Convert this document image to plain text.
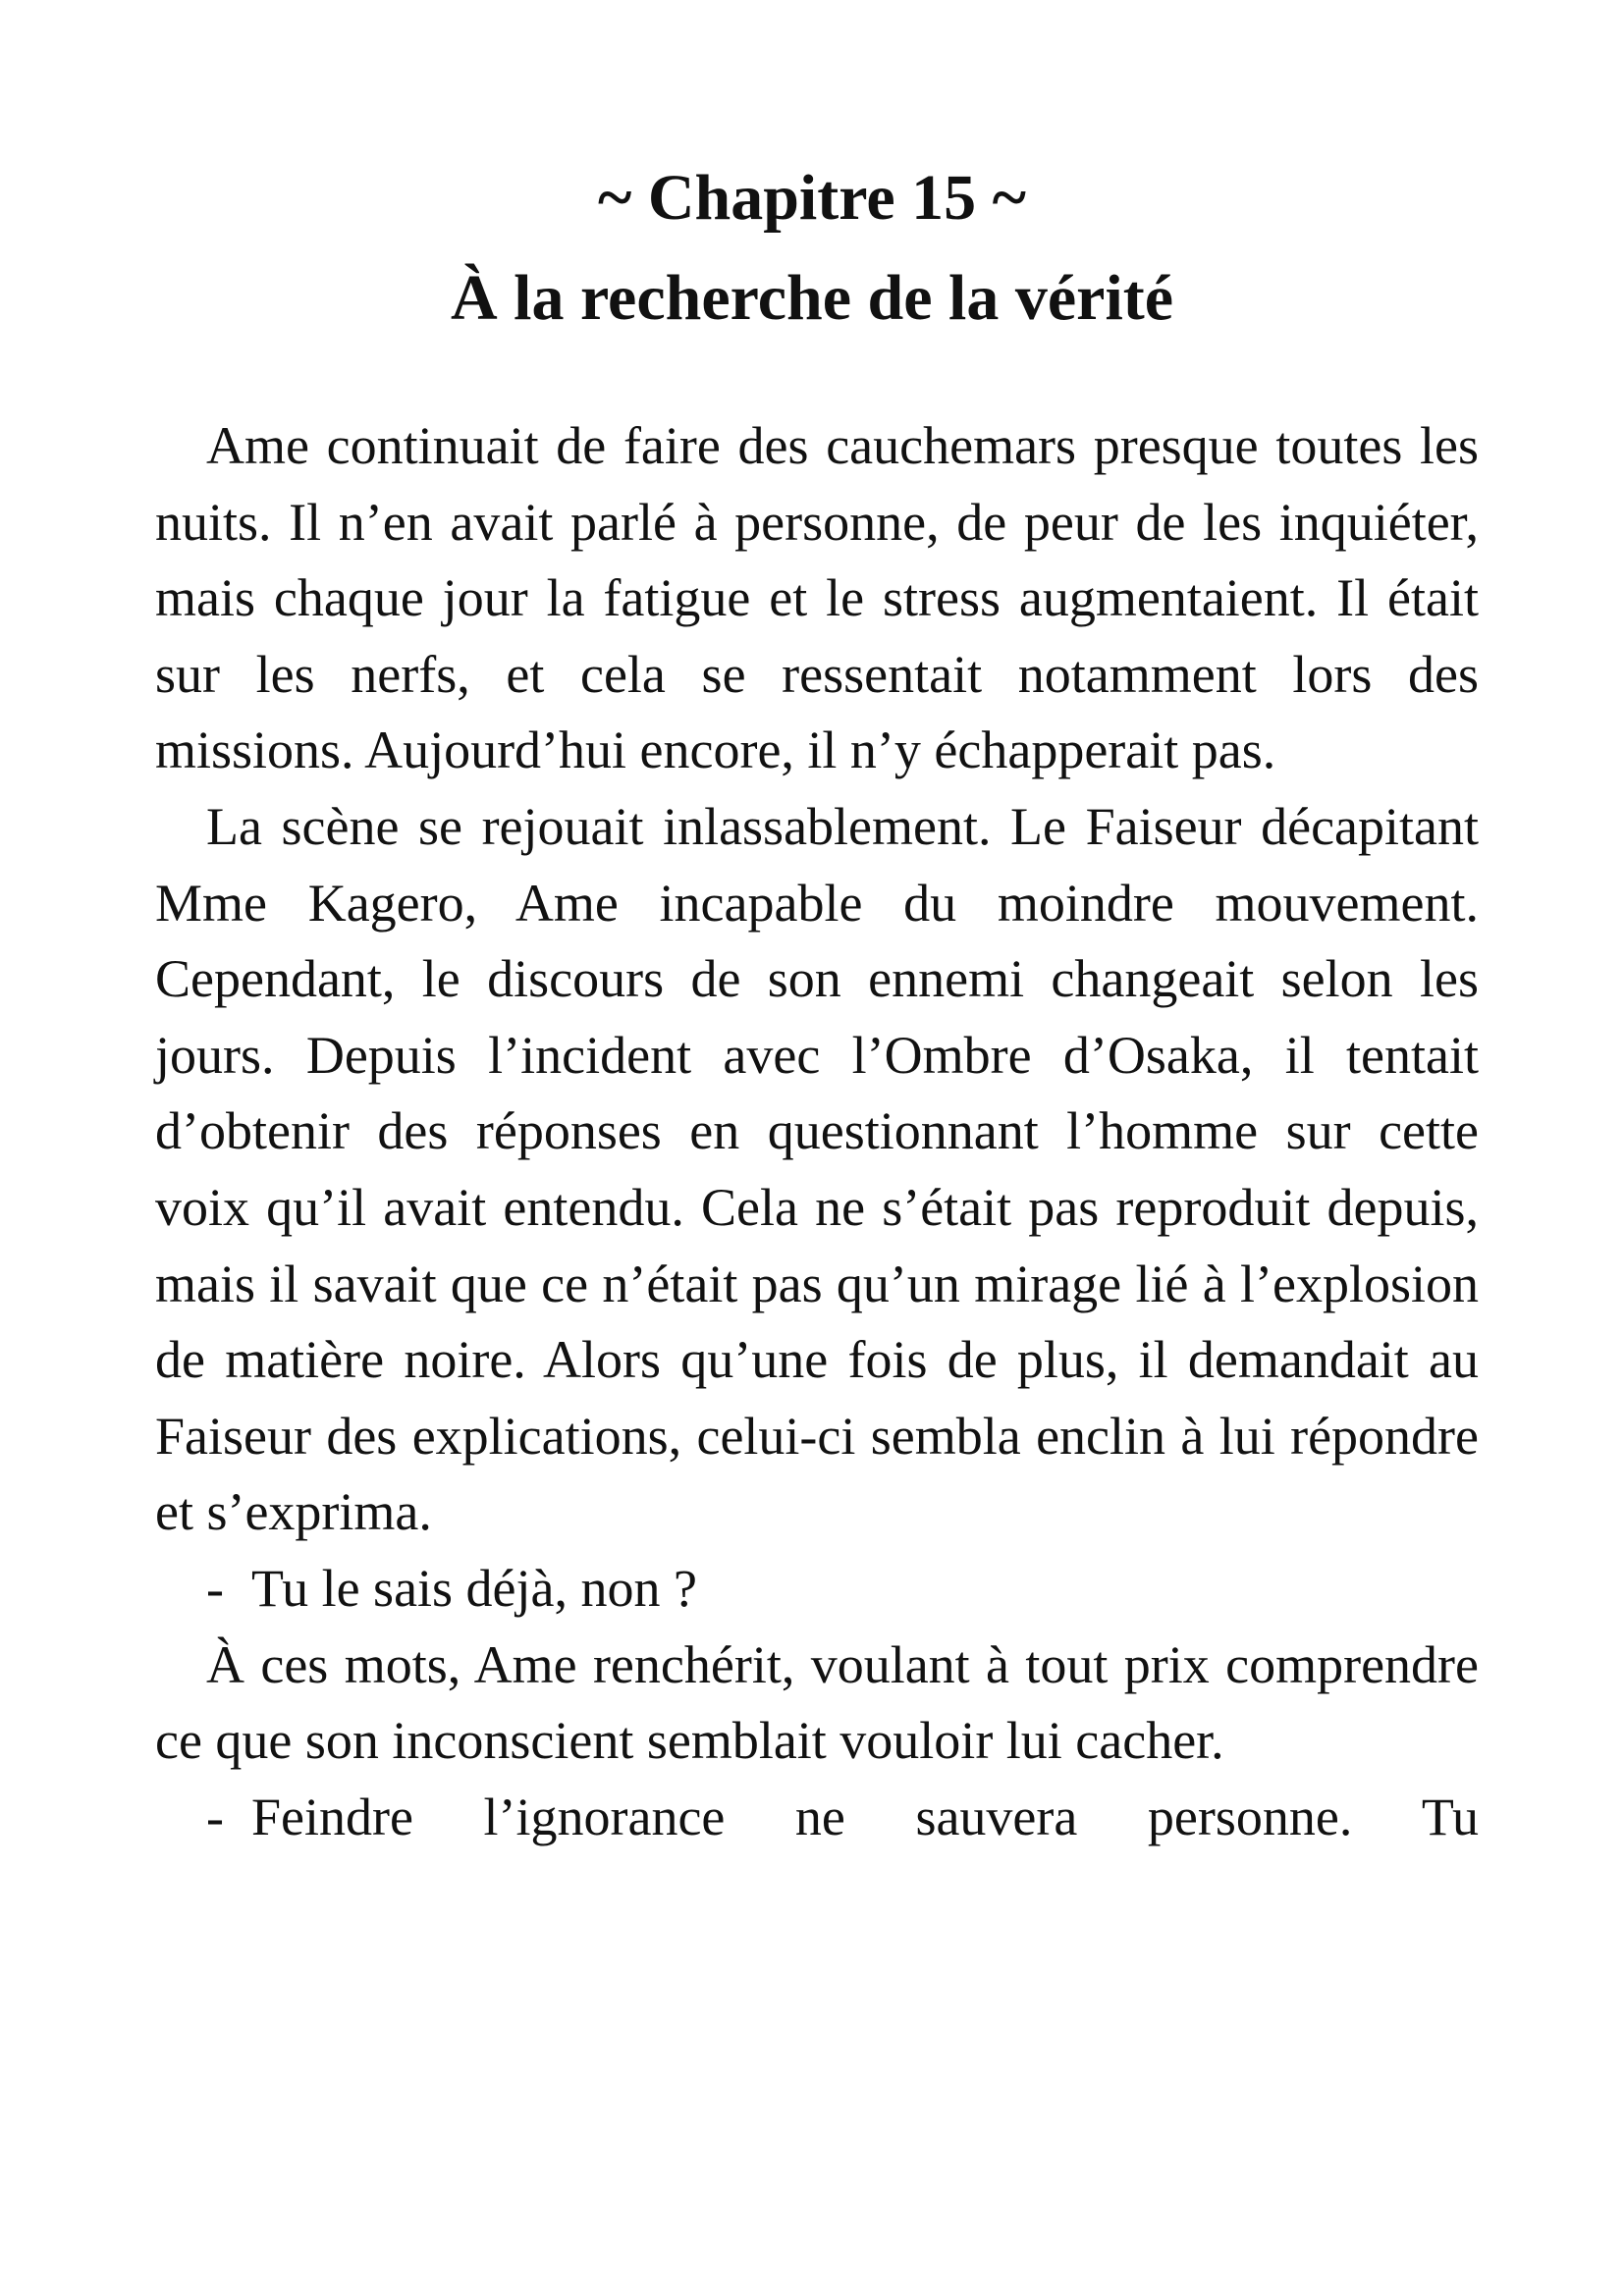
~ Chapitre 15 ~
À la recherche de la vérité

Ame continuait de faire des cauchemars presque toutes les nuits. Il n’en avait parlé à personne, de peur de les inquiéter, mais chaque jour la fatigue et le stress augmentaient. Il était sur les nerfs, et cela se ressentait notamment lors des missions. Aujourd’hui encore, il n’y échapperait pas.

La scène se rejouait inlassablement. Le Faiseur décapitant Mme Kagero, Ame incapable du moindre mouvement. Cependant, le discours de son ennemi changeait selon les jours. Depuis l’incident avec l’Ombre d’Osaka, il tentait d’obtenir des réponses en questionnant l’homme sur cette voix qu’il avait entendu. Cela ne s’était pas reproduit depuis, mais il savait que ce n’était pas qu’un mirage lié à l’explosion de matière noire. Alors qu’une fois de plus, il demandait au Faiseur des explications, celui-ci sembla enclin à lui répondre et s’exprima.

- Tu le sais déjà, non ?

À ces mots, Ame renchérit, voulant à tout prix comprendre ce que son inconscient semblait vouloir lui cacher.

- Feindre l’ignorance ne sauvera personne. Tu
